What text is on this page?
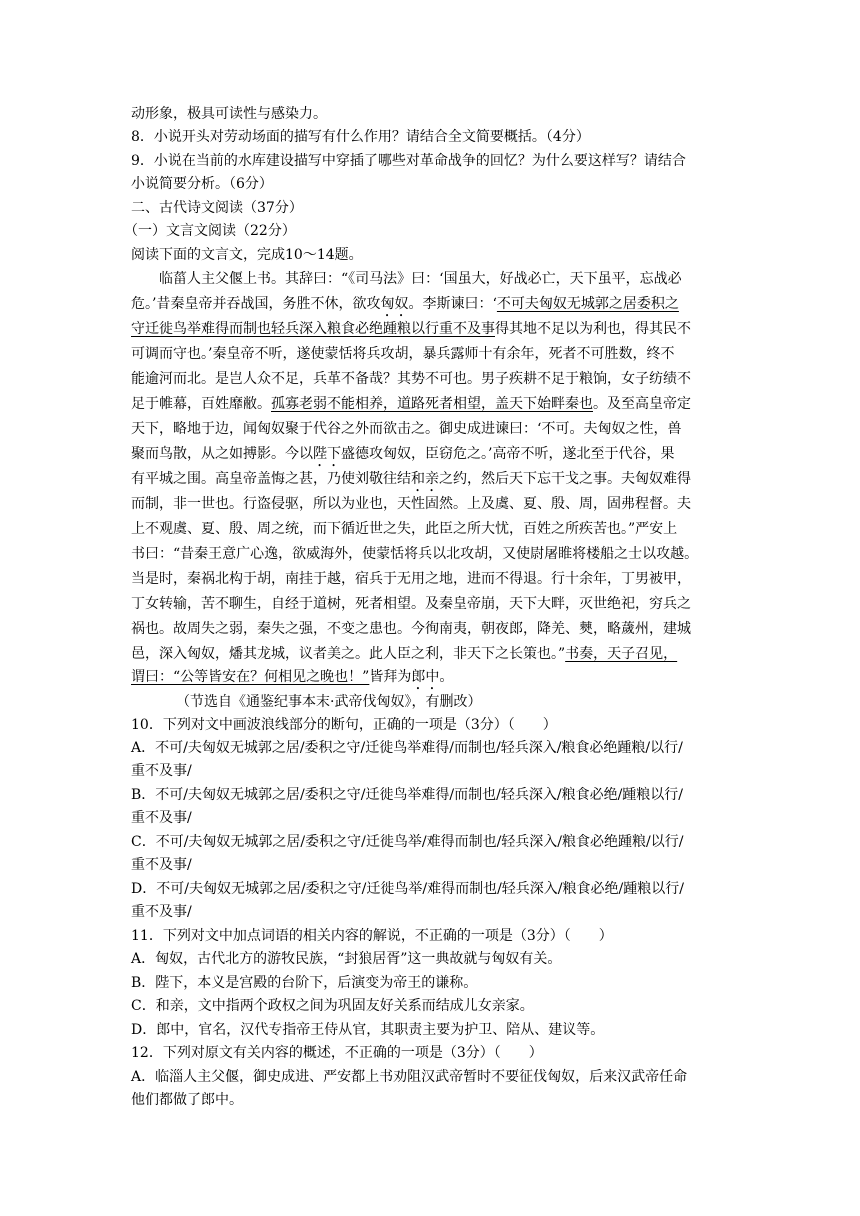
动形象，极具可读性与感染力。
8．小说开头对劳动场面的描写有什么作用？请结合全文简要概括。（4分）
9．小说在当前的水库建设描写中穿插了哪些对革命战争的回忆？为什么要这样写？请结合
小说简要分析。（6分）
二、古代诗文阅读（37分）
（一）文言文阅读（22分）
阅读下面的文言文，完成10～14题。
临菑人主父偃上书。其辞曰：“《司马法》曰：‘国虽大，好战必亡，天下虽平，忘战必
危。’昔秦皇帝并吞战国，务胜不休，欲攻匈奴。李斯谏曰：‘不可夫匈奴无城郭之居委积之
守迁徙鸟举难得而制也轻兵深入粮食必绝踵粮以行重不及事得其地不足以为利也，得其民不
可调而守也。’秦皇帝不听，遂使蒙恬将兵攻胡，暴兵露师十有余年，死者不可胜数，终不
能逾河而北。是岂人众不足，兵革不备哉？其势不可也。男子疾耕不足于粮饷，女子纺绩不
足于帷幕，百姓靡敝。孤寡老弱不能相养，道路死者相望，盖天下始畔秦也。及至高皇帝定
天下，略地于边，闻匈奴聚于代谷之外而欲击之。御史成进谏曰：‘不可。夫匈奴之性，兽
聚而鸟散，从之如搏影。今以陛下盛德攻匈奴，臣窃危之。’高帝不听，遂北至于代谷，果
有平城之围。高皇帝盖悔之甚，乃使刘敬往结和亲之约，然后天下忘干戈之事。夫匈奴难得
而制，非一世也。行盗侵驱，所以为业也，天性固然。上及虞、夏、殷、周，固弗程督。夫
上不观虞、夏、殷、周之统，而下循近世之失，此臣之所大忧，百姓之所疾苦也。”严安上
书曰：“昔秦王意广心逸，欲威海外，使蒙恬将兵以北攻胡，又使尉屠睢将楼船之士以攻越。
当是时，秦祸北构于胡，南挂于越，宿兵于无用之地，进而不得退。行十余年，丁男被甲，
丁女转输，苦不聊生，自经于道树，死者相望。及秦皇帝崩，天下大畔，灭世绝祀，穷兵之
祸也。故周失之弱，秦失之强，不变之患也。今徇南夷，朝夜郎，降羌、僰，略薉州，建城
邑，深入匈奴，燔其龙城，议者美之。此人臣之利，非天下之长策也。”书奏，天子召见，
谓曰：“公等皆安在？何相见之晚也！”皆拜为郎中。
（节选自《通鉴纪事本末·武帝伐匈奴》，有删改）
10．下列对文中画波浪线部分的断句，正确的一项是（3分）（　　）
A．不可/夫匈奴无城郭之居/委积之守/迁徙鸟举难得/而制也/轻兵深入/粮食必绝踵粮/以行/
重不及事/
B．不可/夫匈奴无城郭之居/委积之守/迁徙鸟举难得/而制也/轻兵深入/粮食必绝/踵粮以行/
重不及事/
C．不可/夫匈奴无城郭之居/委积之守/迁徙鸟举/难得而制也/轻兵深入/粮食必绝踵粮/以行/
重不及事/
D．不可/夫匈奴无城郭之居/委积之守/迁徙鸟举/难得而制也/轻兵深入/粮食必绝/踵粮以行/
重不及事/
11．下列对文中加点词语的相关内容的解说，不正确的一项是（3分）（　　）
A．匈奴，古代北方的游牧民族，“封狼居胥”这一典故就与匈奴有关。
B．陛下，本义是宫殿的台阶下，后演变为帝王的谦称。
C．和亲，文中指两个政权之间为巩固友好关系而结成儿女亲家。
D．郎中，官名，汉代专指帝王侍从官，其职责主要为护卫、陪从、建议等。
12．下列对原文有关内容的概述，不正确的一项是（3分）（　　）
A．临淄人主父偃，御史成进、严安都上书劝阻汉武帝暂时不要征伐匈奴，后来汉武帝任命
他们都做了郎中。
